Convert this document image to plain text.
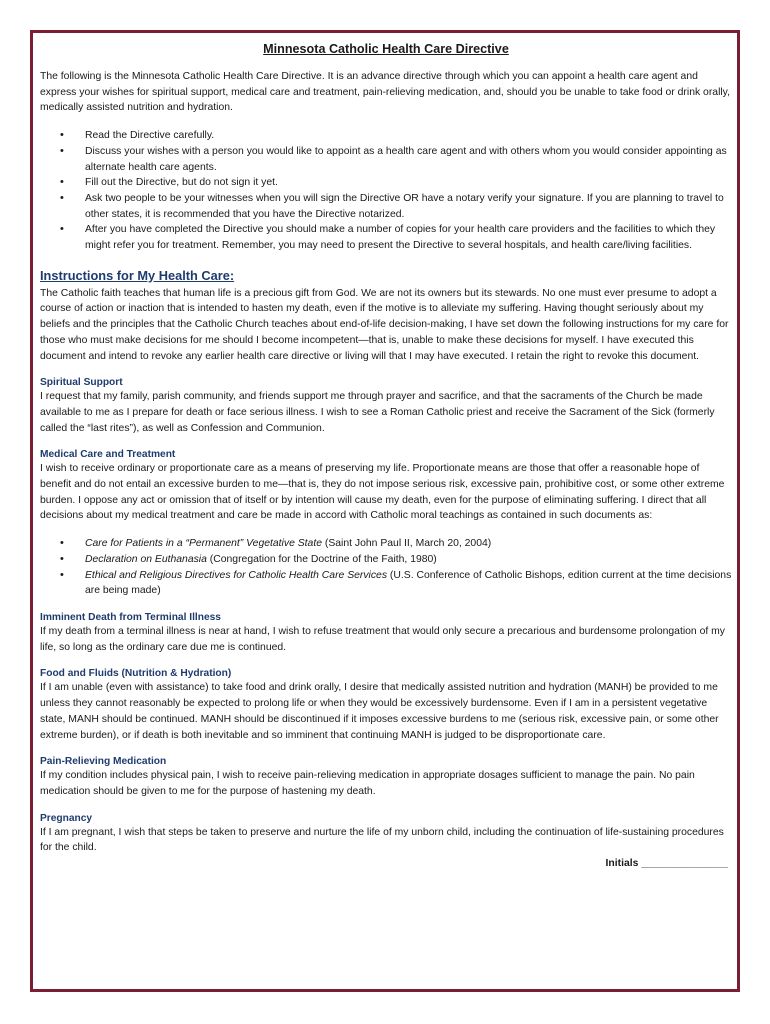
Minnesota Catholic Health Care Directive

The following is the Minnesota Catholic Health Care Directive. It is an advance directive through which you can appoint a health care agent and express your wishes for spiritual support, medical care and treatment, pain-relieving medication, and, should you be unable to take food or drink orally, medically assisted nutrition and hydration.

• Read the Directive carefully.
• Discuss your wishes with a person you would like to appoint as a health care agent and with others whom you would consider appointing as alternate health care agents.
• Fill out the Directive, but do not sign it yet.
• Ask two people to be your witnesses when you will sign the Directive OR have a notary verify your signature. If you are planning to travel to other states, it is recommended that you have the Directive notarized.
• After you have completed the Directive you should make a number of copies for your health care providers and the facilities to which they might refer you for treatment. Remember, you may need to present the Directive to several hospitals, and health care/living facilities.
Instructions for My Health Care:

The Catholic faith teaches that human life is a precious gift from God. We are not its owners but its stewards. No one must ever presume to adopt a course of action or inaction that is intended to hasten my death, even if the motive is to alleviate my suffering. Having thought seriously about my beliefs and the principles that the Catholic Church teaches about end-of-life decision-making, I have set down the following instructions for my care for those who must make decisions for me should I become incompetent—that is, unable to make these decisions for myself. I have executed this document and intend to revoke any earlier health care directive or living will that I may have executed. I retain the right to revoke this document.

Spiritual Support

I request that my family, parish community, and friends support me through prayer and sacrifice, and that the sacraments of the Church be made available to me as I prepare for death or face serious illness. I wish to see a Roman Catholic priest and receive the Sacrament of the Sick (formerly called the “last rites”), as well as Confession and Communion.

Medical Care and Treatment

I wish to receive ordinary or proportionate care as a means of preserving my life. Proportionate means are those that offer a reasonable hope of benefit and do not entail an excessive burden to me—that is, they do not impose serious risk, excessive pain, prohibitive cost, or some other extreme burden. I oppose any act or omission that of itself or by intention will cause my death, even for the purpose of eliminating suffering. I direct that all decisions about my medical treatment and care be made in accord with Catholic moral teachings as contained in such documents as:

• Care for Patients in a “Permanent” Vegetative State (Saint John Paul II, March 20, 2004)
• Declaration on Euthanasia (Congregation for the Doctrine of the Faith, 1980)
• Ethical and Religious Directives for Catholic Health Care Services (U.S. Conference of Catholic Bishops, edition current at the time decisions are being made)
Imminent Death from Terminal Illness

If my death from a terminal illness is near at hand, I wish to refuse treatment that would only secure a precarious and burdensome prolongation of my life, so long as the ordinary care due me is continued.

Food and Fluids (Nutrition & Hydration)

If I am unable (even with assistance) to take food and drink orally, I desire that medically assisted nutrition and hydration (MANH) be provided to me unless they cannot reasonably be expected to prolong life or when they would be excessively burdensome. Even if I am in a persistent vegetative state, MANH should be continued. MANH should be discontinued if it imposes excessive burdens to me (serious risk, excessive pain, or some other extreme burden), or if death is both inevitable and so imminent that continuing MANH is judged to be disproportionate care.

Pain-Relieving Medication

If my condition includes physical pain, I wish to receive pain-relieving medication in appropriate dosages sufficient to manage the pain. No pain medication should be given to me for the purpose of hastening my death.

Pregnancy

If I am pregnant, I wish that steps be taken to preserve and nurture the life of my unborn child, including the continuation of life-sustaining procedures for the child.

Initials _______________
